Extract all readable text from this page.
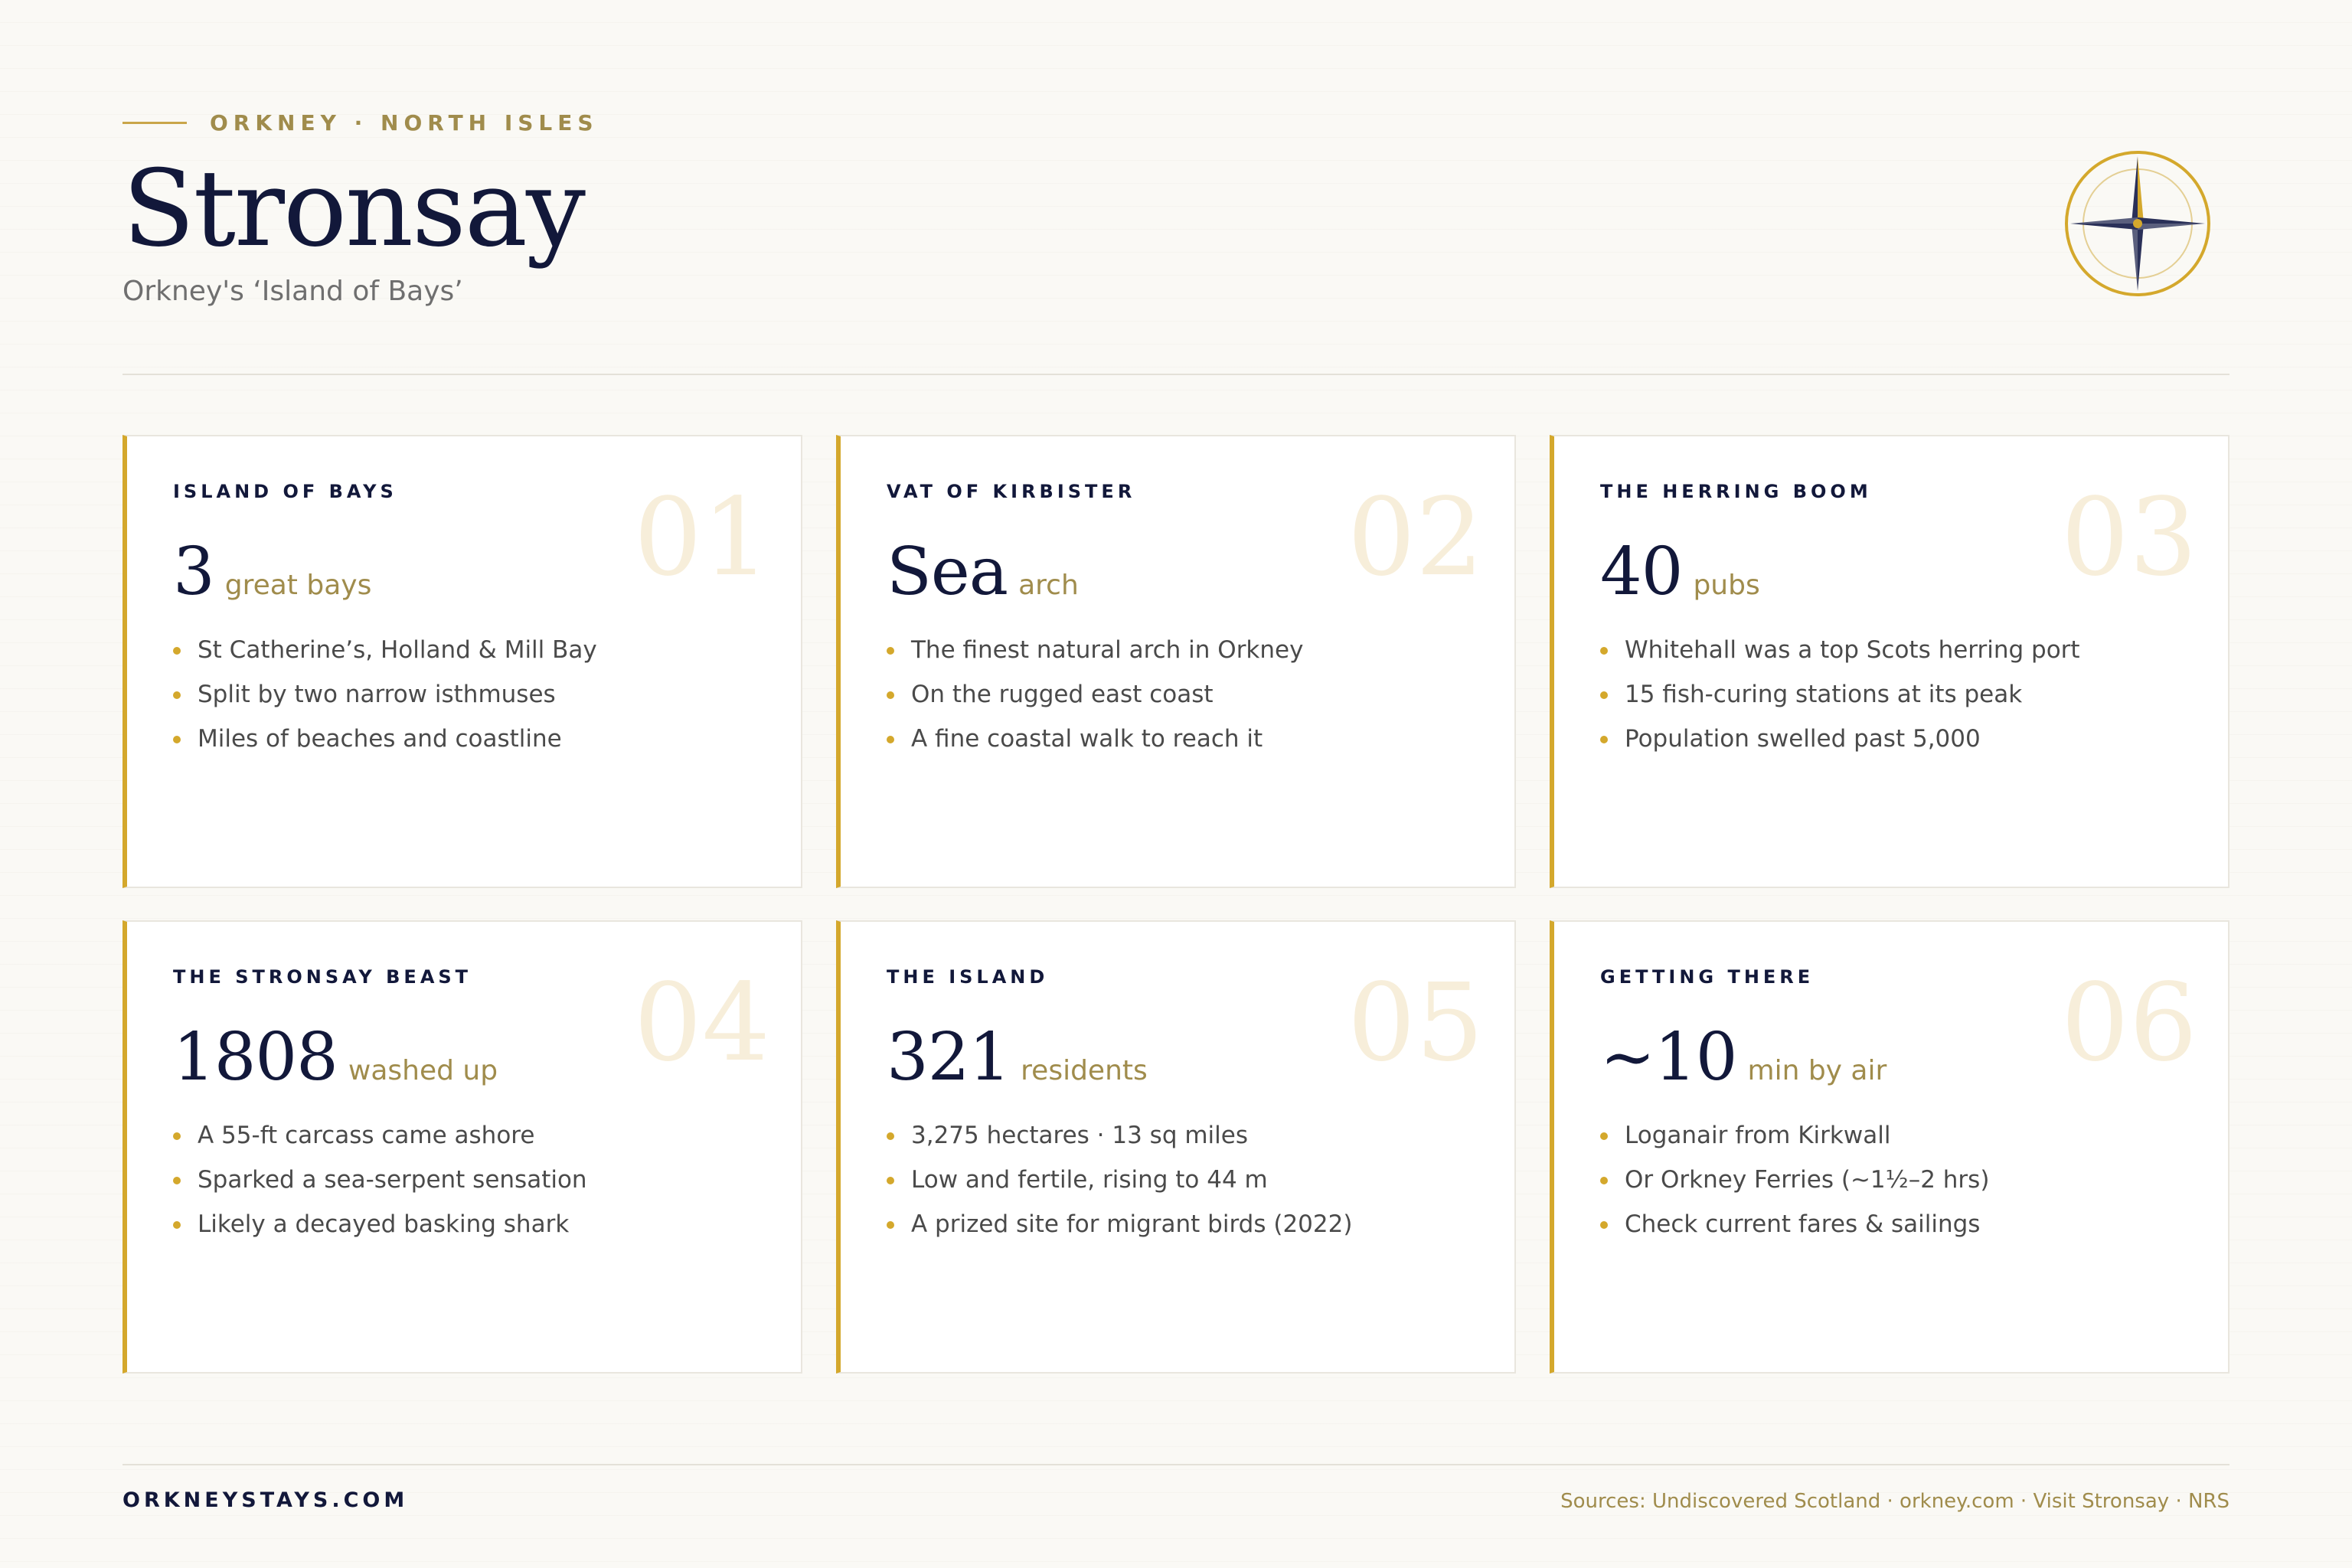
ORKNEY · NORTH ISLES
Stronsay
Orkney's ‘Island of Bays’
01
ISLAND OF BAYS
3 great bays
St Catherine’s, Holland & Mill Bay
Split by two narrow isthmuses
Miles of beaches and coastline
02
VAT OF KIRBISTER
Sea arch
The finest natural arch in Orkney
On the rugged east coast
A fine coastal walk to reach it
03
THE HERRING BOOM
40 pubs
Whitehall was a top Scots herring port
15 fish-curing stations at its peak
Population swelled past 5,000
04
THE STRONSAY BEAST
1808 washed up
A 55-ft carcass came ashore
Sparked a sea-serpent sensation
Likely a decayed basking shark
05
THE ISLAND
321 residents
3,275 hectares · 13 sq miles
Low and fertile, rising to 44 m
A prized site for migrant birds (2022)
06
GETTING THERE
~10 min by air
Loganair from Kirkwall
Or Orkney Ferries (~1½–2 hrs)
Check current fares & sailings
ORKNEYSTAYS.COM	Sources: Undiscovered Scotland · orkney.com · Visit Stronsay · NRS
